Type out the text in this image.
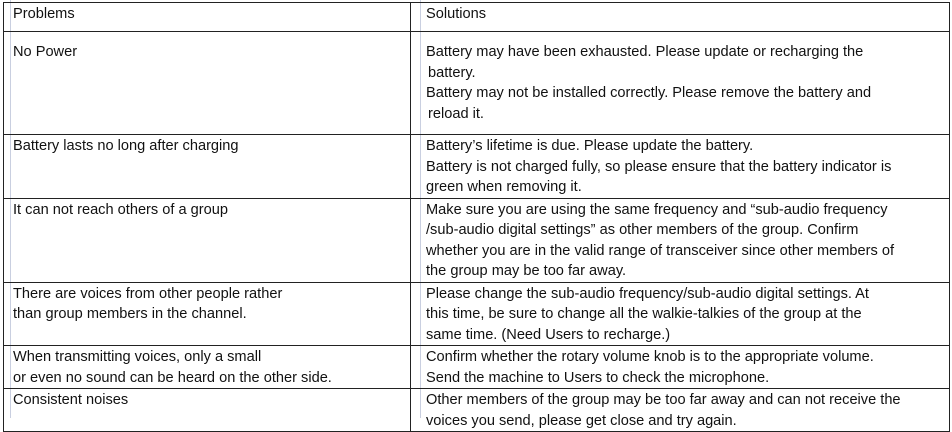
Problems	Solutions

No Power	Battery may have been exhausted. Please update or recharging the
battery.
Battery may not be installed correctly. Please remove the battery and
reload it.

Battery lasts no long after charging	Battery’s lifetime is due. Please update the battery.
Battery is not charged fully, so please ensure that the battery indicator is
green when removing it.

It can not reach others of a group	Make sure you are using the same frequency and “sub-audio frequency
/sub-audio digital settings” as other members of the group. Confirm
whether you are in the valid range of transceiver since other members of
the group may be too far away.

There are voices from other people rather
than group members in the channel.	Please change the sub-audio frequency/sub-audio digital settings. At
this time, be sure to change all the walkie-talkies of the group at the
same time. (Need Users to recharge.)

When transmitting voices, only a small
or even no sound can be heard on the other side.	Confirm whether the rotary volume knob is to the appropriate volume.
Send the machine to Users to check the microphone.

Consistent noises	Other members of the group may be too far away and can not receive the
voices you send, please get close and try again.
